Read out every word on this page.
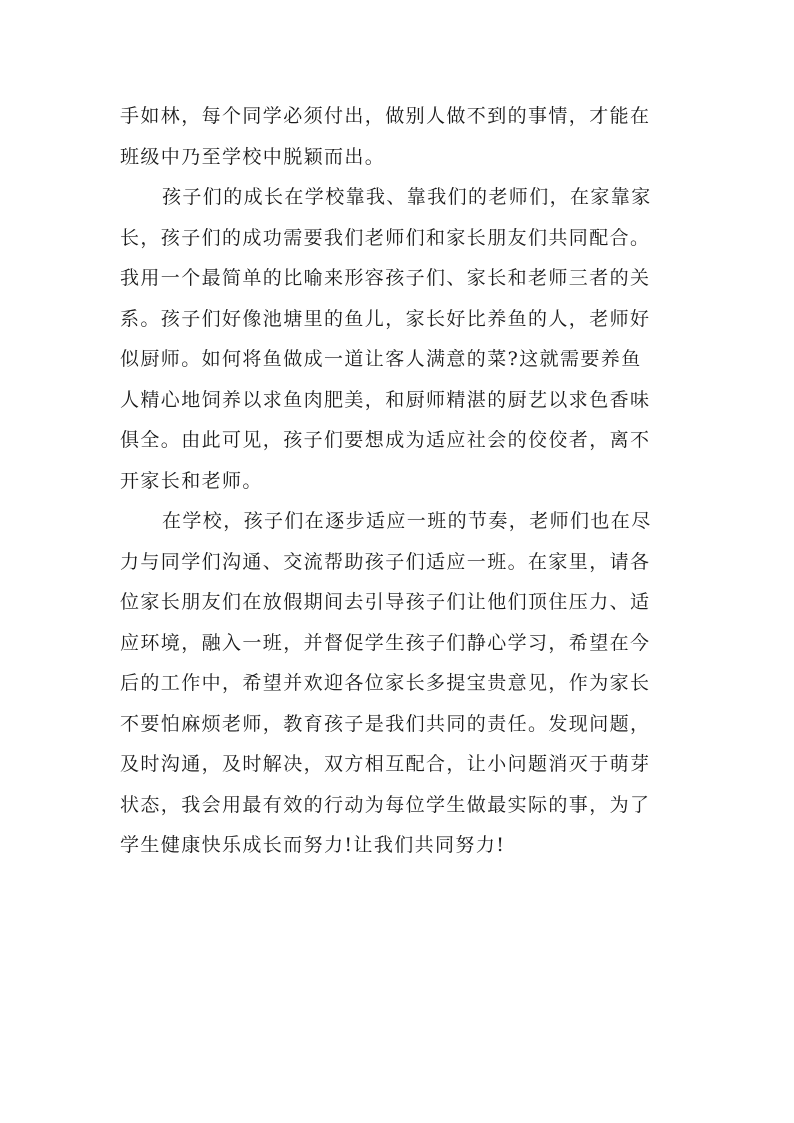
手如林，每个同学必须付出，做别人做不到的事情，才能在
班级中乃至学校中脱颖而出。
孩子们的成长在学校靠我、靠我们的老师们，在家靠家
长，孩子们的成功需要我们老师们和家长朋友们共同配合。
我用一个最简单的比喻来形容孩子们、家长和老师三者的关
系。孩子们好像池塘里的鱼儿，家长好比养鱼的人，老师好
似厨师。如何将鱼做成一道让客人满意的菜?这就需要养鱼
人精心地饲养以求鱼肉肥美，和厨师精湛的厨艺以求色香味
俱全。由此可见，孩子们要想成为适应社会的佼佼者，离不
开家长和老师。
在学校，孩子们在逐步适应一班的节奏，老师们也在尽
力与同学们沟通、交流帮助孩子们适应一班。在家里，请各
位家长朋友们在放假期间去引导孩子们让他们顶住压力、适
应环境，融入一班，并督促学生孩子们静心学习，希望在今
后的工作中，希望并欢迎各位家长多提宝贵意见，作为家长
不要怕麻烦老师，教育孩子是我们共同的责任。发现问题，
及时沟通，及时解决，双方相互配合，让小问题消灭于萌芽
状态，我会用最有效的行动为每位学生做最实际的事，为了
学生健康快乐成长而努力!让我们共同努力!
